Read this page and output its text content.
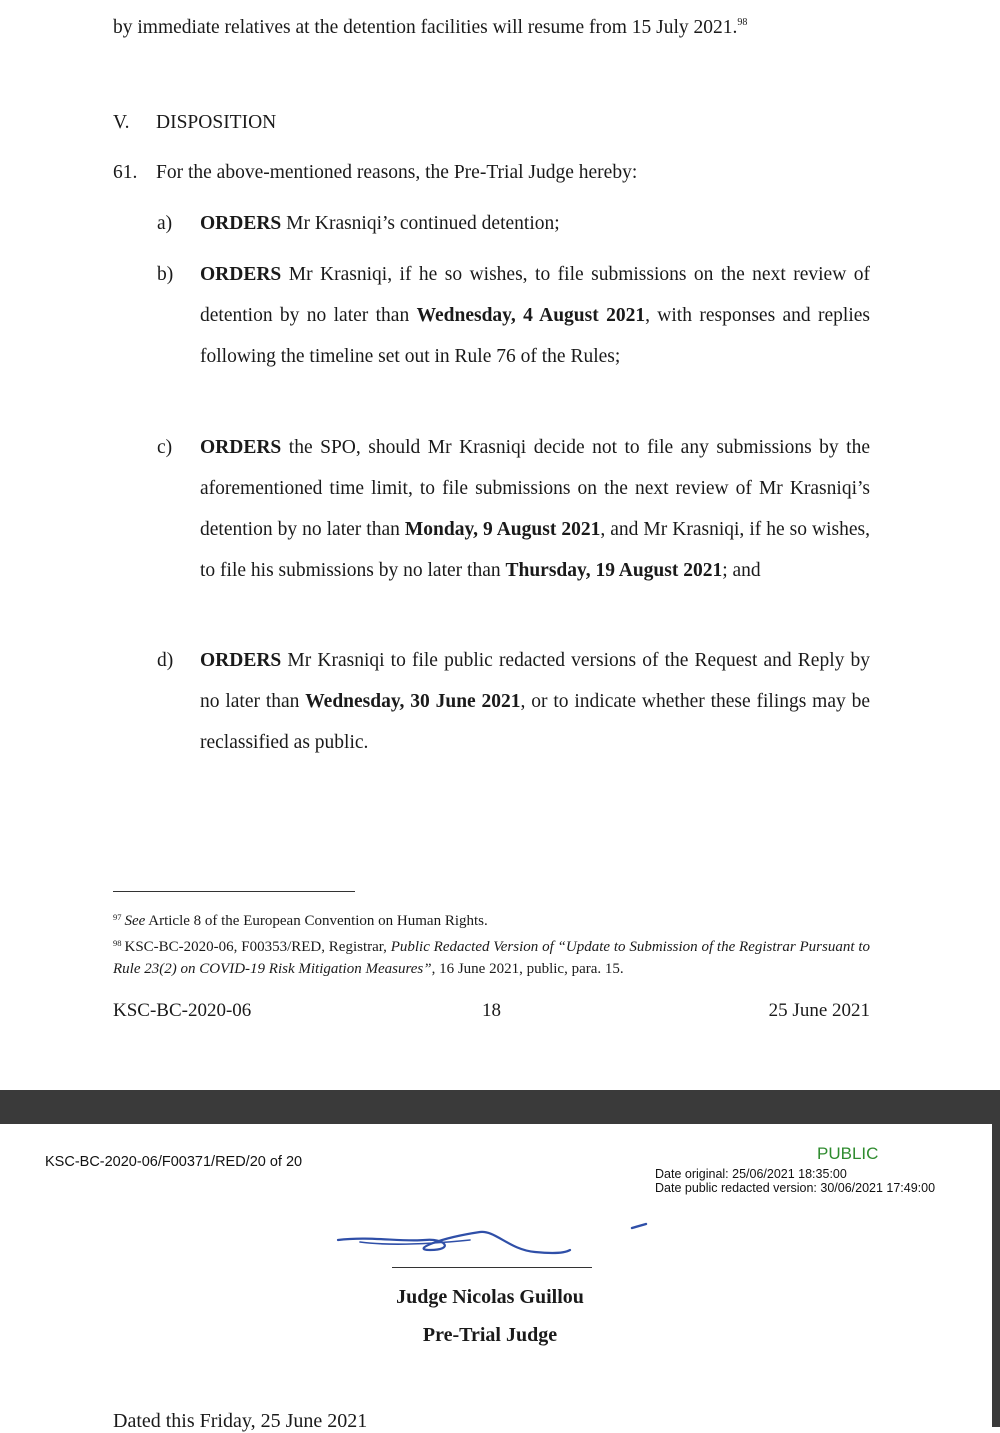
by immediate relatives at the detention facilities will resume from 15 July 2021.98
V. DISPOSITION
61. For the above-mentioned reasons, the Pre-Trial Judge hereby:
a)	ORDERS Mr Krasniqi’s continued detention;
b)	ORDERS Mr Krasniqi, if he so wishes, to file submissions on the next review of detention by no later than Wednesday, 4 August 2021, with responses and replies following the timeline set out in Rule 76 of the Rules;
c)	ORDERS the SPO, should Mr Krasniqi decide not to file any submissions by the aforementioned time limit, to file submissions on the next review of Mr Krasniqi’s detention by no later than Monday, 9 August 2021, and Mr Krasniqi, if he so wishes, to file his submissions by no later than Thursday, 19 August 2021; and
d)	ORDERS Mr Krasniqi to file public redacted versions of the Request and Reply by no later than Wednesday, 30 June 2021, or to indicate whether these filings may be reclassified as public.
$^{97}$ See Article 8 of the European Convention on Human Rights.
$^{98}$ KSC-BC-2020-06, F00353/RED, Registrar, Public Redacted Version of “Update to Submission of the Registrar Pursuant to Rule 23(2) on COVID-19 Risk Mitigation Measures”, 16 June 2021, public, para. 15.
KSC-BC-2020-06	18	25 June 2021
KSC-BC-2020-06/F00371/RED/20 of 20	PUBLIC
Date original: 25/06/2021 18:35:00
Date public redacted version: 30/06/2021 17:49:00
Judge Nicolas Guillou
Pre-Trial Judge
Dated this Friday, 25 June 2021
